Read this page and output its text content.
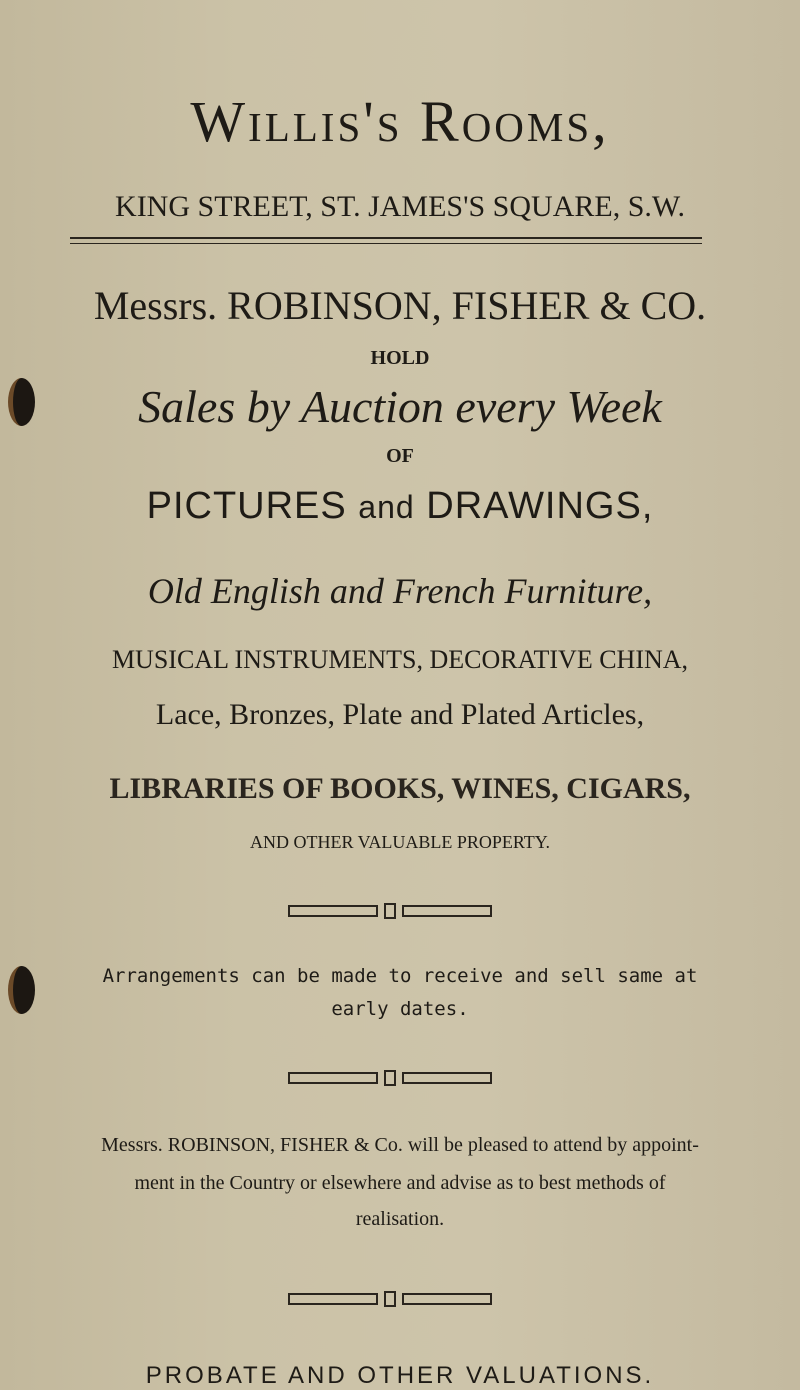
Willis's Rooms,
KING STREET, ST. JAMES'S SQUARE, S.W.
Messrs. ROBINSON, FISHER & CO.
HOLD
Sales by Auction every Week
OF
PICTURES and DRAWINGS,
Old English and French Furniture,
MUSICAL INSTRUMENTS, DECORATIVE CHINA,
Lace, Bronzes, Plate and Plated Articles,
LIBRARIES OF BOOKS, WINES, CIGARS,
AND OTHER VALUABLE PROPERTY.
Arrangements can be made to receive and sell same at
early dates.
Messrs. ROBINSON, FISHER & Co. will be pleased to attend by appoint-
ment in the Country or elsewhere and advise as to best methods of
realisation.
PROBATE AND OTHER VALUATIONS.
